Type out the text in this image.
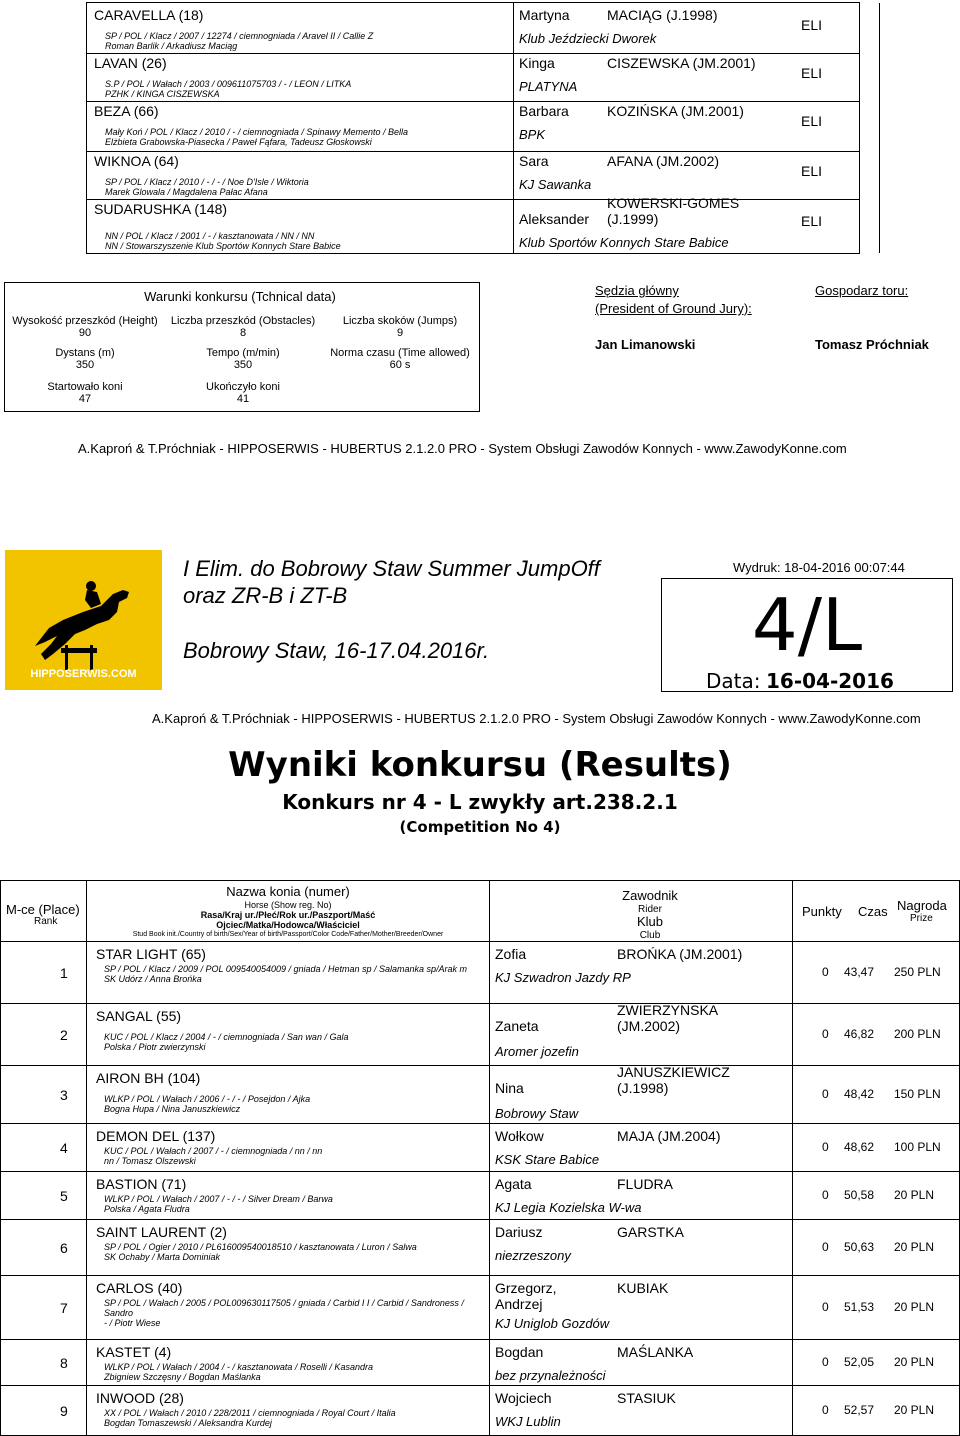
CARAVELLA (18)
SP / POL / Klacz / 2007 / 12274 / ciemnogniada / Aravel II / Callie Z
Roman Barlik / Arkadiusz Maciąg
Martyna	MACIĄG (J.1998)
Klub Jeździecki Dworek
ELI
LAVAN (26)
S.P / POL / Wałach / 2003 / 009611075703 / - / LEON / LITKA
PZHK / KINGA CISZEWSKA
Kinga	CISZEWSKA (JM.2001)
PLATYNA
ELI
BEZA (66)
Mały Koń / POL / Klacz / 2010 / - / ciemnogniada / Spinawy Memento / Bella
Elżbieta Grabowska-Piasecka / Paweł Fąfara, Tadeusz Głoskowski
Barbara	KOZIŃSKA (JM.2001)
BPK
ELI
WIKNOA (64)
SP / POL / Klacz / 2010 / - / - / Noe D'Isle / Wiktoria
Marek Glowala / Magdalena Pałac Afana
Sara	AFANA (JM.2002)
KJ Sawanka
ELI
SUDARUSHKA (148)
NN / POL / Klacz / 2001 / - / kasztanowata / NN / NN
NN / Stowarszyszenie Klub Sportów Konnych Stare Babice
Aleksander
KOWERSKI-GOMES (J.1999)
Klub Sportów Konnych Stare Babice
ELI
Warunki konkursu (Tchnical data)
Wysokość przeszkód (Height)
90
Liczba przeszkód (Obstacles)
8
Liczba skoków (Jumps)
9
Dystans (m)
350
Tempo (m/min)
350
Norma czasu (Time allowed)
60 s
Startowało koni
47
Ukończyło koni
41
Sędzia główny
(President of Ground Jury):
Jan Limanowski
Gospodarz toru:
Tomasz Próchniak
A.Kaproń & T.Próchniak - HIPPOSERWIS - HUBERTUS 2.1.2.0 PRO - System Obsługi Zawodów Konnych - www.ZawodyKonne.com
HIPPOSERWIS.COM
I Elim. do Bobrowy Staw Summer JumpOff
oraz ZR-B i ZT-B
Bobrowy Staw, 16-17.04.2016r.
Wydruk: 18-04-2016 00:07:44
4/L
Data: 16-04-2016
A.Kaproń & T.Próchniak - HIPPOSERWIS - HUBERTUS 2.1.2.0 PRO - System Obsługi Zawodów Konnych - www.ZawodyKonne.com
Wyniki konkursu (Results)
Konkurs nr 4 - L zwykły art.238.2.1
(Competition No 4)
M-ce (Place)
Rank
Nazwa konia (numer)
Horse (Show reg. No)
Rasa/Kraj ur./Płeć/Rok ur./Paszport/Maść
Ojciec/Matka/Hodowca/Właściciel
Stud Book init./Country of birth/Sex/Year of birth/Passport/Color Code/Father/Mother/Breeder/Owner
Zawodnik
Rider
Klub
Club
Punkty Czas Nagroda
Prize
1
STAR LIGHT (65)
SP / POL / Klacz / 2009 / POL 009540054009 / gniada / Hetman sp / Salamanka sp/Arak m
SK Udórz / Anna Brońka
Zofia	BROŃKA (JM.2001)
KJ Szwadron Jazdy RP	0 43,47 250 PLN
2
SANGAL (55)
KUC / POL / Klacz / 2004 / - / ciemnogniada / San wan / Gala
Polska / Piotr zwierzynski
Zaneta
ZWIERZYNSKA (JM.2002)
Aromer jozefin
0 46,82 200 PLN
3
AIRON BH (104)
WLKP / POL / Wałach / 2006 / - / - / Posejdon / Ajka
Bogna Hupa / Nina Januszkiewicz
Nina
JANUSZKIEWICZ (J.1998)
Bobrowy Staw
0 48,42 150 PLN
4
DEMON DEL (137)
KUC / POL / Wałach / 2007 / - / ciemnogniada / nn / nn
nn / Tomasz Olszewski
Wołkow	MAJA (JM.2004)
KSK Stare Babice
0 48,62 100 PLN
5
BASTION (71)
WLKP / POL / Wałach / 2007 / - / - / Silver Dream / Barwa
Polska / Agata Fludra
Agata	FLUDRA
KJ Legia Kozielska W-wa
0 50,58 20 PLN
6
SAINT LAURENT (2)
SP / POL / Ogier / 2010 / PL616009540018510 / kasztanowata / Luron / Salwa
SK Ochaby / Marta Dominiak
Dariusz	GARSTKA
niezrzeszony
0 50,63 20 PLN
7
CARLOS (40)
SP / POL / Wałach / 2005 / POL009630117505 / gniada / Carbid I I / Carbid / Sandroness / Sandro
- / Piotr Wiese
Grzegorz, Andrzej
KUBIAK
KJ Uniglob Gozdów
0 51,53 20 PLN
8
KASTET (4)
WLKP / POL / Wałach / 2004 / - / kasztanowata / Roselli / Kasandra
Zbigniew Szczęsny / Bogdan Maślanka
Bogdan	MAŚLANKA
bez przynależności
0 52,05 20 PLN
9
INWOOD (28)
XX / POL / Wałach / 2010 / 228/2011 / ciemnogniada / Royal Court / Italia
Bogdan Tomaszewski / Aleksandra Kurdej
Wojciech	STASIUK
WKJ Lublin
0 52,57 20 PLN
